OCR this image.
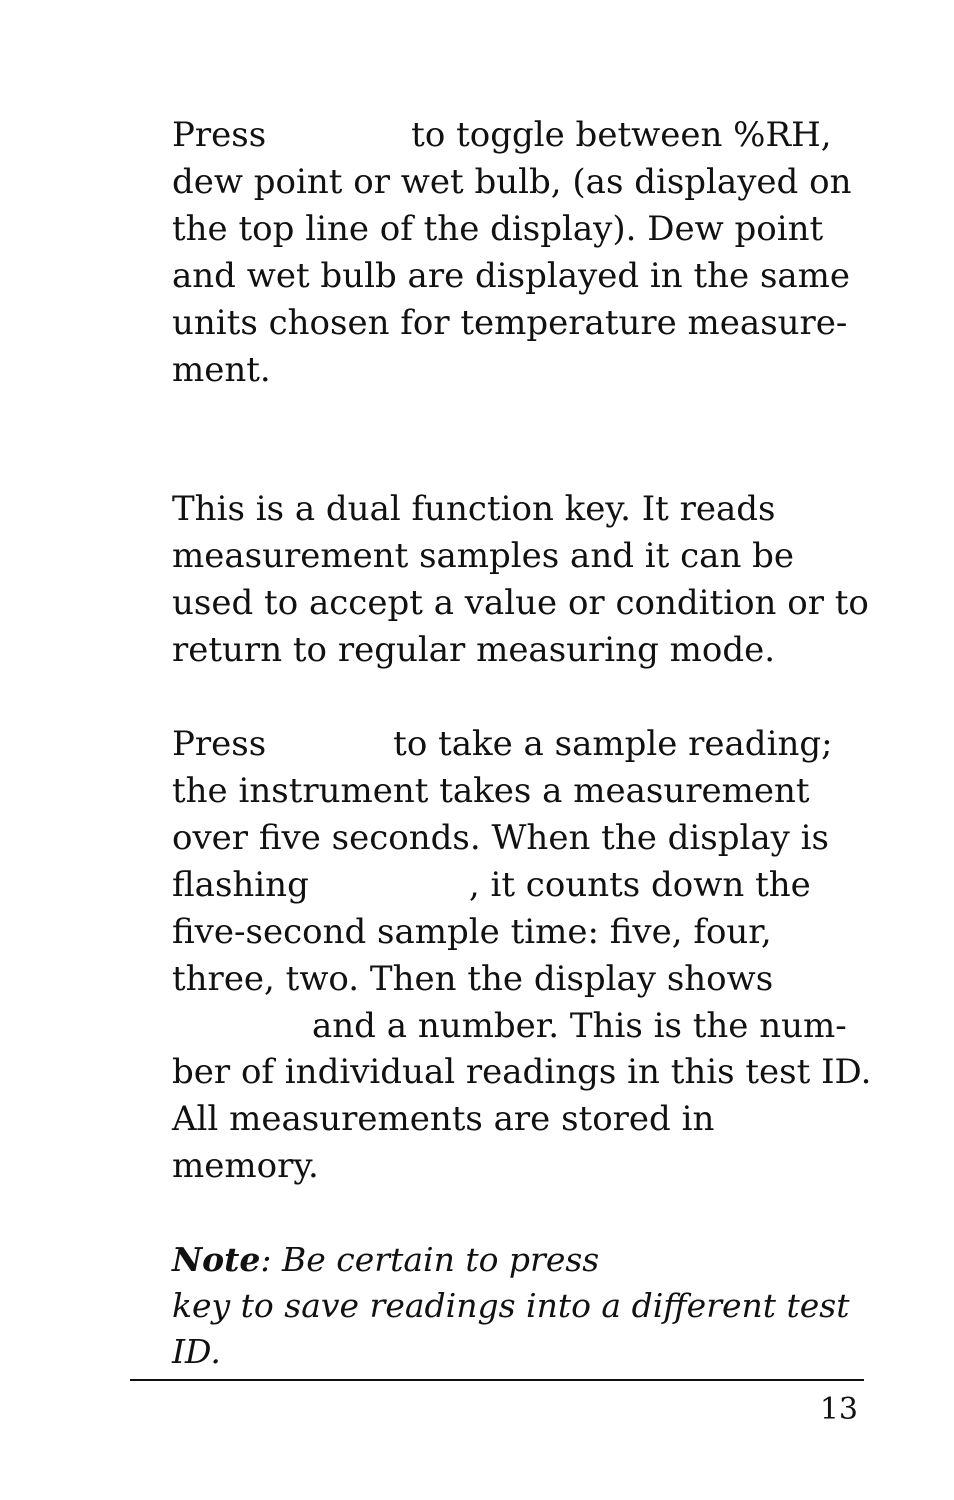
Press	to toggle between %RH, dew point or wet bulb, (as displayed on the top line of the display). Dew point and wet bulb are displayed in the same units chosen for temperature measure-ment.

This is a dual function key. It reads measurement samples and it can be used to accept a value or condition or to return to regular measuring mode.

Press	to take a sample reading; the instrument takes a measurement over five seconds. When the display is flashing	, it counts down the five-second sample time: five, four, three, two. Then the display showsand a number. This is the num-ber of individual readings in this test ID. All measurements are stored in memory.

Note: Be certain to presskey to save readings into a different test ID.

13
